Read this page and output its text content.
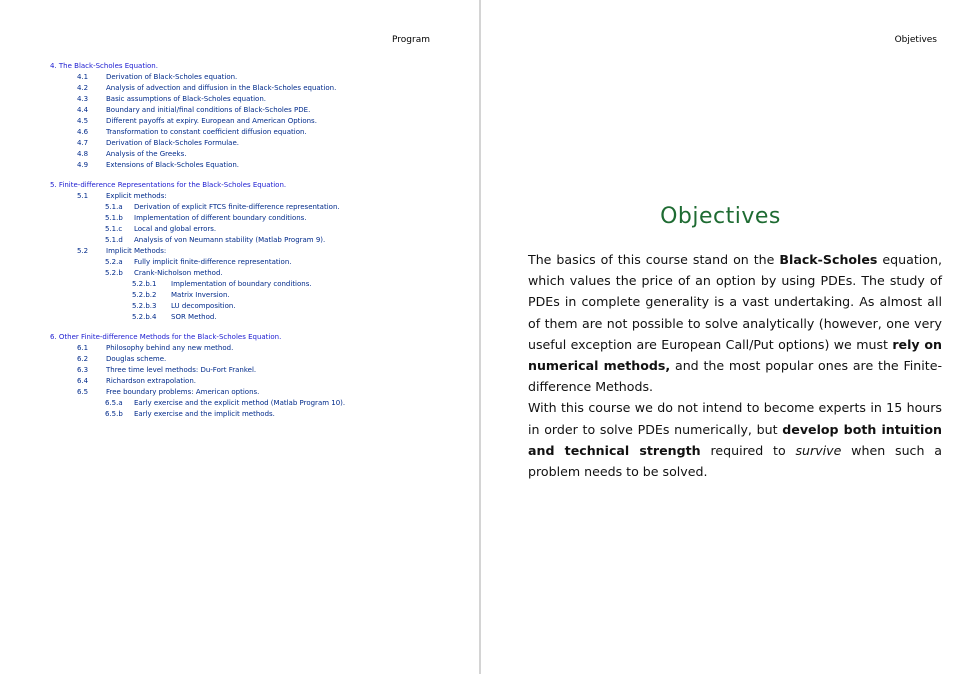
Program
4. The Black-Scholes Equation.
4.1	Derivation of Black-Scholes equation.
4.2	Analysis of advection and diffusion in the Black-Scholes equation.
4.3	Basic assumptions of Black-Scholes equation.
4.4	Boundary and initial/final conditions of Black-Scholes PDE.
4.5	Different payoffs at expiry. European and American Options.
4.6	Transformation to constant coefficient diffusion equation.
4.7	Derivation of Black-Scholes Formulae.
4.8	Analysis of the Greeks.
4.9	Extensions of Black-Scholes Equation.
5. Finite-difference Representations for the Black-Scholes Equation.
5.1	Explicit methods:
5.1.a Derivation of explicit FTCS finite-difference representation.
5.1.b Implementation of different boundary conditions.
5.1.c Local and global errors.
5.1.d Analysis of von Neumann stability (Matlab Program 9).
5.2	Implicit Methods:
5.2.a Fully implicit finite-difference representation.
5.2.b Crank-Nicholson method.
5.2.b.1 Implementation of boundary conditions.
5.2.b.2 Matrix Inversion.
5.2.b.3 LU decomposition.
5.2.b.4 SOR Method.
6. Other Finite-difference Methods for the Black-Scholes Equation.
6.1	Philosophy behind any new method.
6.2	Douglas scheme.
6.3	Three time level methods: Du-Fort Frankel.
6.4	Richardson extrapolation.
6.5	Free boundary problems: American options.
6.5.a Early exercise and the explicit method (Matlab Program 10).
6.5.b Early exercise and the implicit methods.
Objetives
Objectives

The basics of this course stand on the Black-Scholes equation, which values the price of an option by using PDEs. The study of PDEs in complete generality is a vast undertaking. As almost all of them are not possible to solve analytically (however, one very useful exception are European Call/Put options) we must rely on numerical methods, and the most popular ones are the Finite-difference Methods.

With this course we do not intend to become experts in 15 hours in order to solve PDEs numerically, but develop both intuition and technical strength required to survive when such a problem needs to be solved.
